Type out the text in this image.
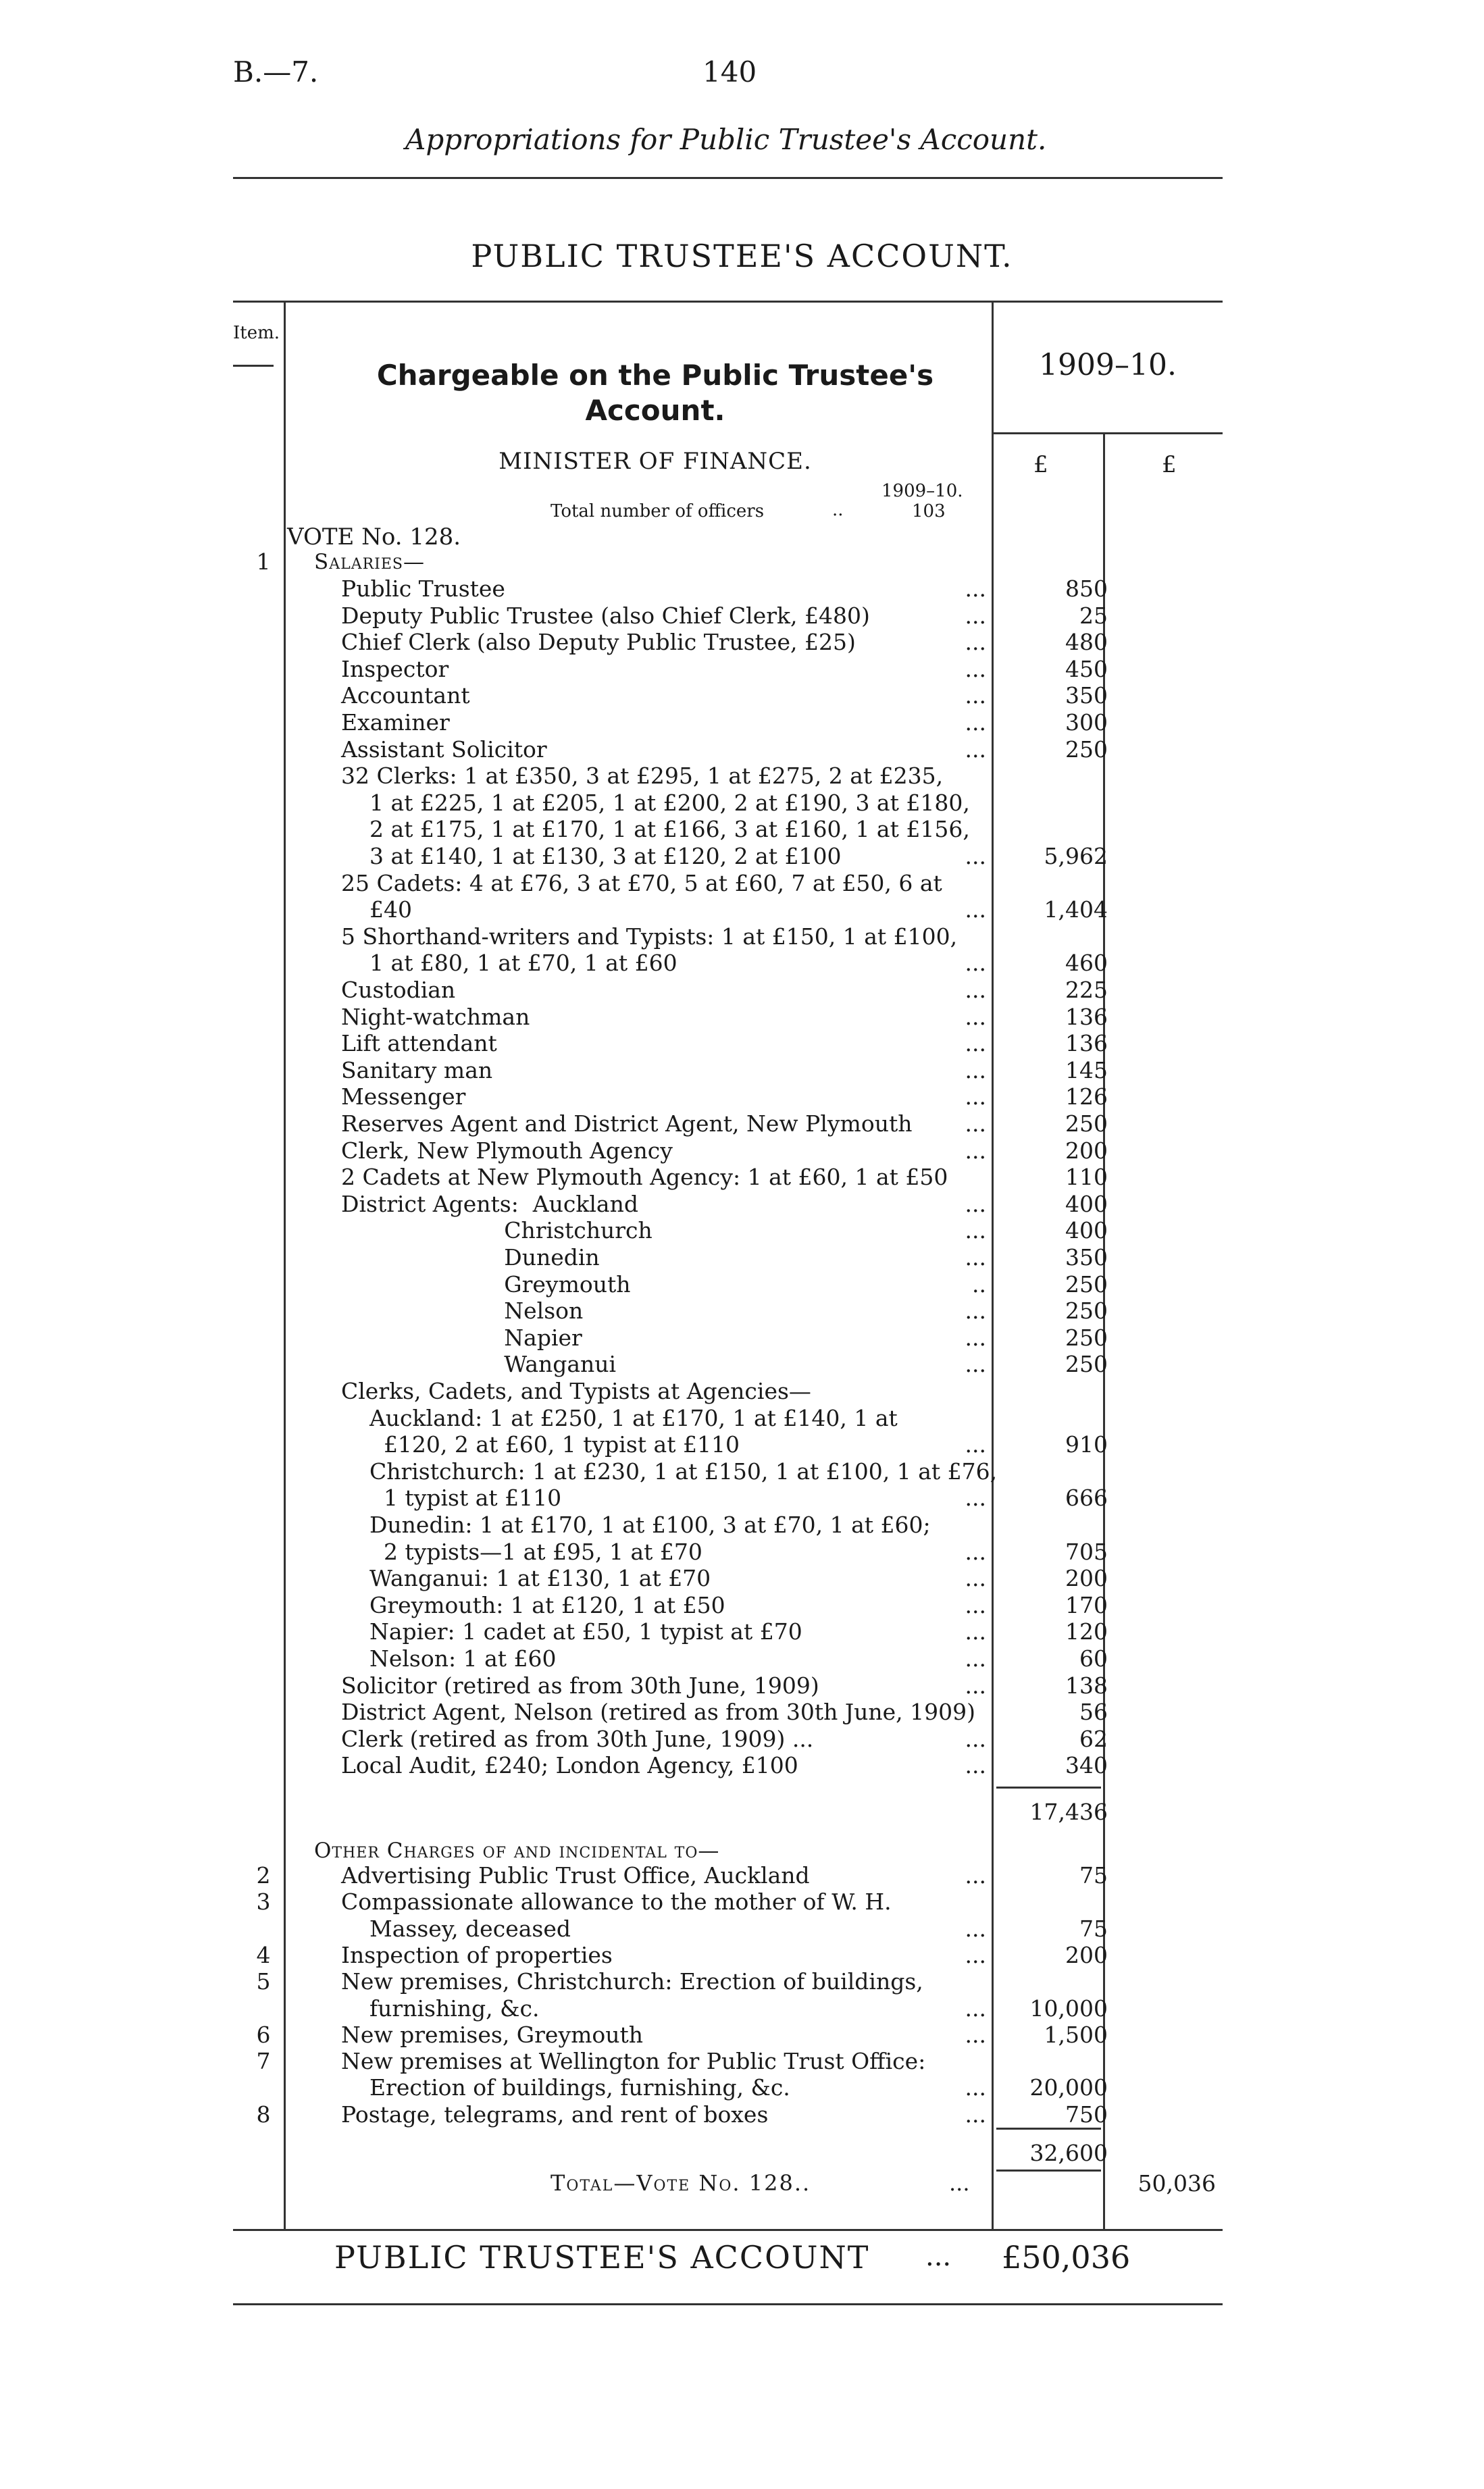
B.—7.	140
Appropriations for Public Trustee's Account.
PUBLIC TRUSTEE'S ACCOUNT.
Item.
Chargeable on the Public Trustee's
Account.
1909–10.
£	£
MINISTER OF FINANCE.
1909–10.
Total number of officers	..	103
VOTE No. 128.
1	Salaries—
Public Trustee	...	850
Deputy Public Trustee (also Chief Clerk, £480)	...	25
Chief Clerk (also Deputy Public Trustee, £25)	...	480
Inspector	...	450
Accountant	...	350
Examiner	...	300
Assistant Solicitor	...	250
32 Clerks: 1 at £350, 3 at £295, 1 at £275, 2 at £235,
1 at £225, 1 at £205, 1 at £200, 2 at £190, 3 at £180,
2 at £175, 1 at £170, 1 at £166, 3 at £160, 1 at £156,
3 at £140, 1 at £130, 3 at £120, 2 at £100	...	5,962
25 Cadets: 4 at £76, 3 at £70, 5 at £60, 7 at £50, 6 at
£40	...	1,404
5 Shorthand-writers and Typists: 1 at £150, 1 at £100,
1 at £80, 1 at £70, 1 at £60	...	460
Custodian	...	225
Night-watchman	...	136
Lift attendant	...	136
Sanitary man	...	145
Messenger	...	126
Reserves Agent and District Agent, New Plymouth	...	250
Clerk, New Plymouth Agency	...	200
2 Cadets at New Plymouth Agency: 1 at £60, 1 at £50	110
District Agents:  Auckland	...	400
Christchurch	...	400
Dunedin	...	350
Greymouth	..	250
Nelson	...	250
Napier	...	250
Wanganui	...	250
Clerks, Cadets, and Typists at Agencies—
Auckland: 1 at £250, 1 at £170, 1 at £140, 1 at
£120, 2 at £60, 1 typist at £110	...	910
Christchurch: 1 at £230, 1 at £150, 1 at £100, 1 at £76,
1 typist at £110	...	666
Dunedin: 1 at £170, 1 at £100, 3 at £70, 1 at £60;
2 typists—1 at £95, 1 at £70	...	705
Wanganui: 1 at £130, 1 at £70	...	200
Greymouth: 1 at £120, 1 at £50	...	170
Napier: 1 cadet at £50, 1 typist at £70	...	120
Nelson: 1 at £60	...	60
Solicitor (retired as from 30th June, 1909)	...	138
District Agent, Nelson (retired as from 30th June, 1909)	56
Clerk (retired as from 30th June, 1909) ...	...	62
Local Audit, £240; London Agency, £100	...	340
17,436
Other Charges of and incidental to—
2	Advertising Public Trust Office, Auckland	...	75
3	Compassionate allowance to the mother of W. H.
Massey, deceased	...	75
4	Inspection of properties	...	200
5	New premises, Christchurch: Erection of buildings,
furnishing, &c.	...	10,000
6	New premises, Greymouth	...	1,500
7	New premises at Wellington for Public Trust Office:
Erection of buildings, furnishing, &c.	...	20,000
8	Postage, telegrams, and rent of boxes	...	750
32,600
Total—Vote No. 128..	...	50,036
PUBLIC TRUSTEE'S ACCOUNT ... £50,036
